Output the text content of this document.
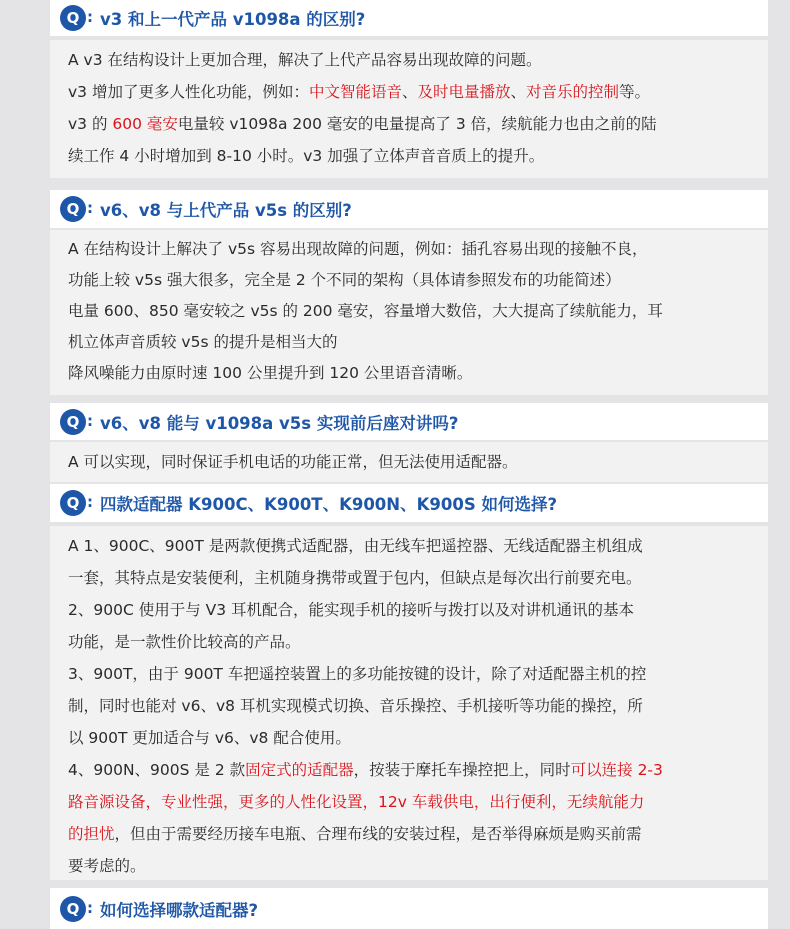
Q :	v3 和上一代产品 v1098a 的区别?

A v3 在结构设计上更加合理，解决了上代产品容易出现故障的问题。

v3 增加了更多人性化功能，例如：中文智能语音、及时电量播放、对音乐的控制等。

v3 的 600 毫安电量较 v1098a 200 毫安的电量提高了 3 倍，续航能力也由之前的陆

续工作 4 小时增加到 8-10 小时。v3 加强了立体声音音质上的提升。

Q :	v6、v8 与上代产品 v5s 的区别?

A 在结构设计上解决了 v5s 容易出现故障的问题，例如：插孔容易出现的接触不良，

功能上较 v5s 强大很多，完全是 2 个不同的架构（具体请参照发布的功能简述）

电量 600、850 毫安较之 v5s 的 200 毫安，容量增大数倍，大大提高了续航能力，耳

机立体声音质较 v5s 的提升是相当大的

降风噪能力由原时速 100 公里提升到 120 公里语音清晰。

Q :	v6、v8 能与 v1098a v5s 实现前后座对讲吗?

A 可以实现，同时保证手机电话的功能正常，但无法使用适配器。

Q :	四款适配器 K900C、K900T、K900N、K900S 如何选择?

A 1、900C、900T 是两款便携式适配器，由无线车把遥控器、无线适配器主机组成

一套，其特点是安装便利，主机随身携带或置于包内，但缺点是每次出行前要充电。

2、900C 使用于与 V3 耳机配合，能实现手机的接听与拨打以及对讲机通讯的基本

功能，是一款性价比较高的产品。

3、900T，由于 900T 车把遥控装置上的多功能按键的设计，除了对适配器主机的控

制，同时也能对 v6、v8 耳机实现模式切换、音乐操控、手机接听等功能的操控，所

以 900T 更加适合与 v6、v8 配合使用。

4、900N、900S 是 2 款固定式的适配器，按装于摩托车操控把上，同时可以连接 2-3

路音源设备，专业性强，更多的人性化设置，12v 车载供电，出行便利，无续航能力

的担忧，但由于需要经历接车电瓶、合理布线的安装过程，是否举得麻烦是购买前需

要考虑的。

Q :	如何选择哪款适配器?
